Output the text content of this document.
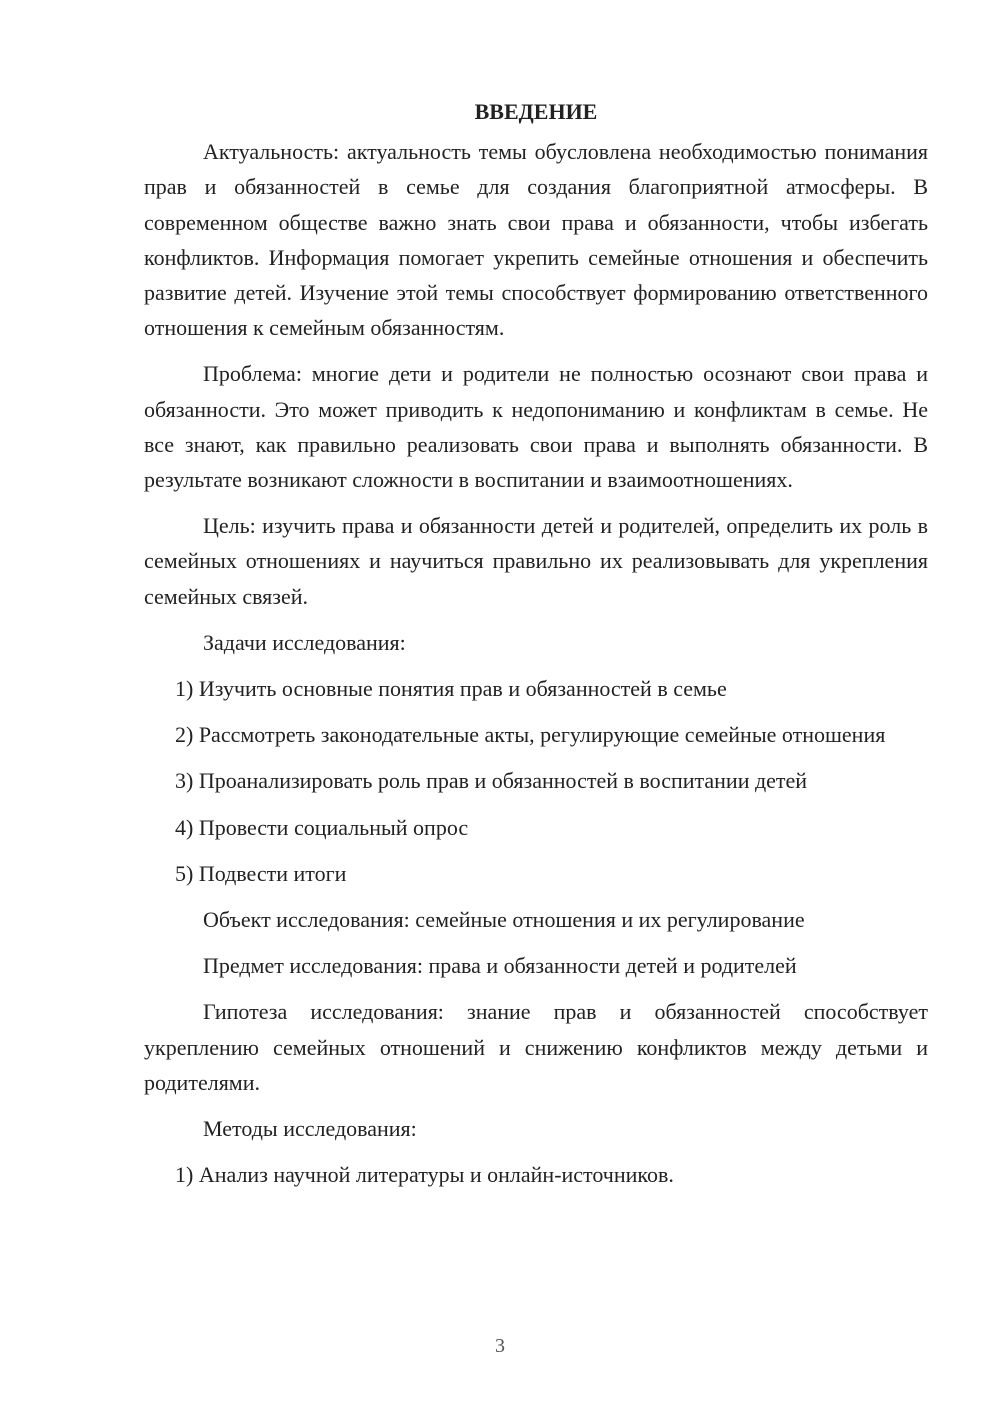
ВВЕДЕНИЕ

Актуальность: актуальность темы обусловлена необходимостью понимания прав и обязанностей в семье для создания благоприятной атмосферы. В современном обществе важно знать свои права и обязанности, чтобы избегать конфликтов. Информация помогает укрепить семейные отношения и обеспечить развитие детей. Изучение этой темы способствует формированию ответственного отношения к семейным обязанностям.

Проблема: многие дети и родители не полностью осознают свои права и обязанности. Это может приводить к недопониманию и конфликтам в семье. Не все знают, как правильно реализовать свои права и выполнять обязанности. В результате возникают сложности в воспитании и взаимоотношениях.

Цель: изучить права и обязанности детей и родителей, определить их роль в семейных отношениях и научиться правильно их реализовывать для укрепления семейных связей.

Задачи исследования:

1) Изучить основные понятия прав и обязанностей в семье

2) Рассмотреть законодательные акты, регулирующие семейные отношения

3) Проанализировать роль прав и обязанностей в воспитании детей

4) Провести социальный опрос

5) Подвести итоги

Объект исследования: семейные отношения и их регулирование

Предмет исследования: права и обязанности детей и родителей

Гипотеза исследования: знание прав и обязанностей способствует укреплению семейных отношений и снижению конфликтов между детьми и родителями.

Методы исследования:

1) Анализ научной литературы и онлайн-источников.

3
